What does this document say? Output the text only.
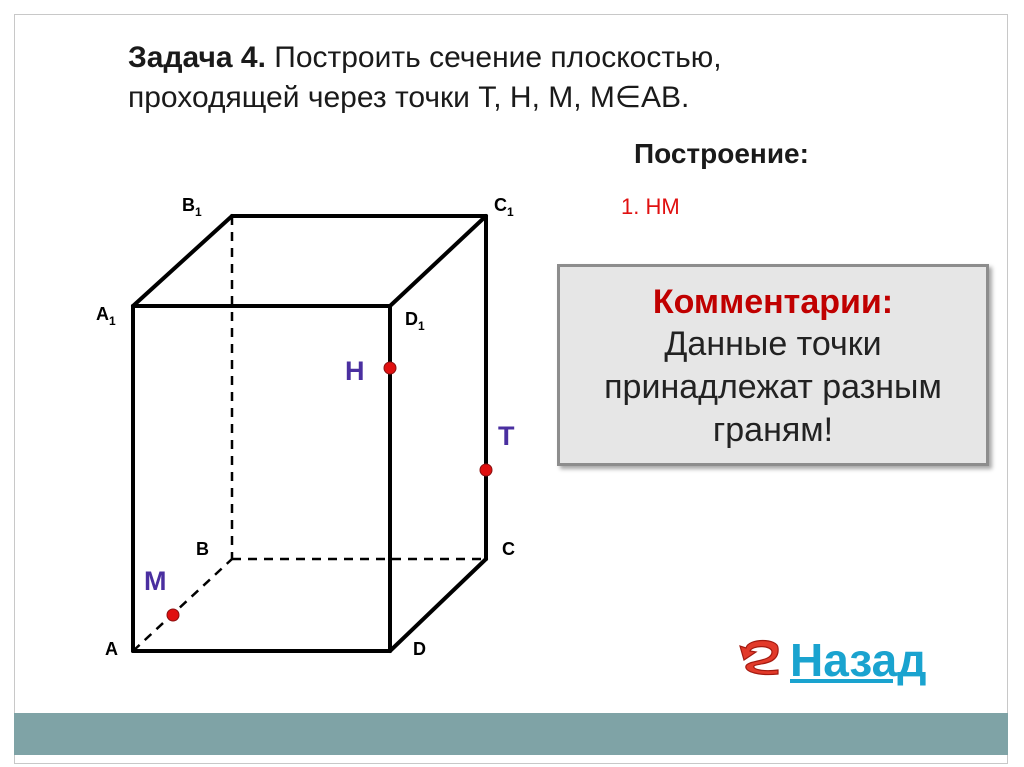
Задача 4. Построить сечение плоскостью,
проходящей через точки Т, Н, М, М∈АВ.
Построение:
1. НМ
Комментарии:
Данные точки принадлежат разным граням!
$B_1$	$C_1$
$A_1$	$D_1$
B	C
A	D
Н
Т
М
Назад
